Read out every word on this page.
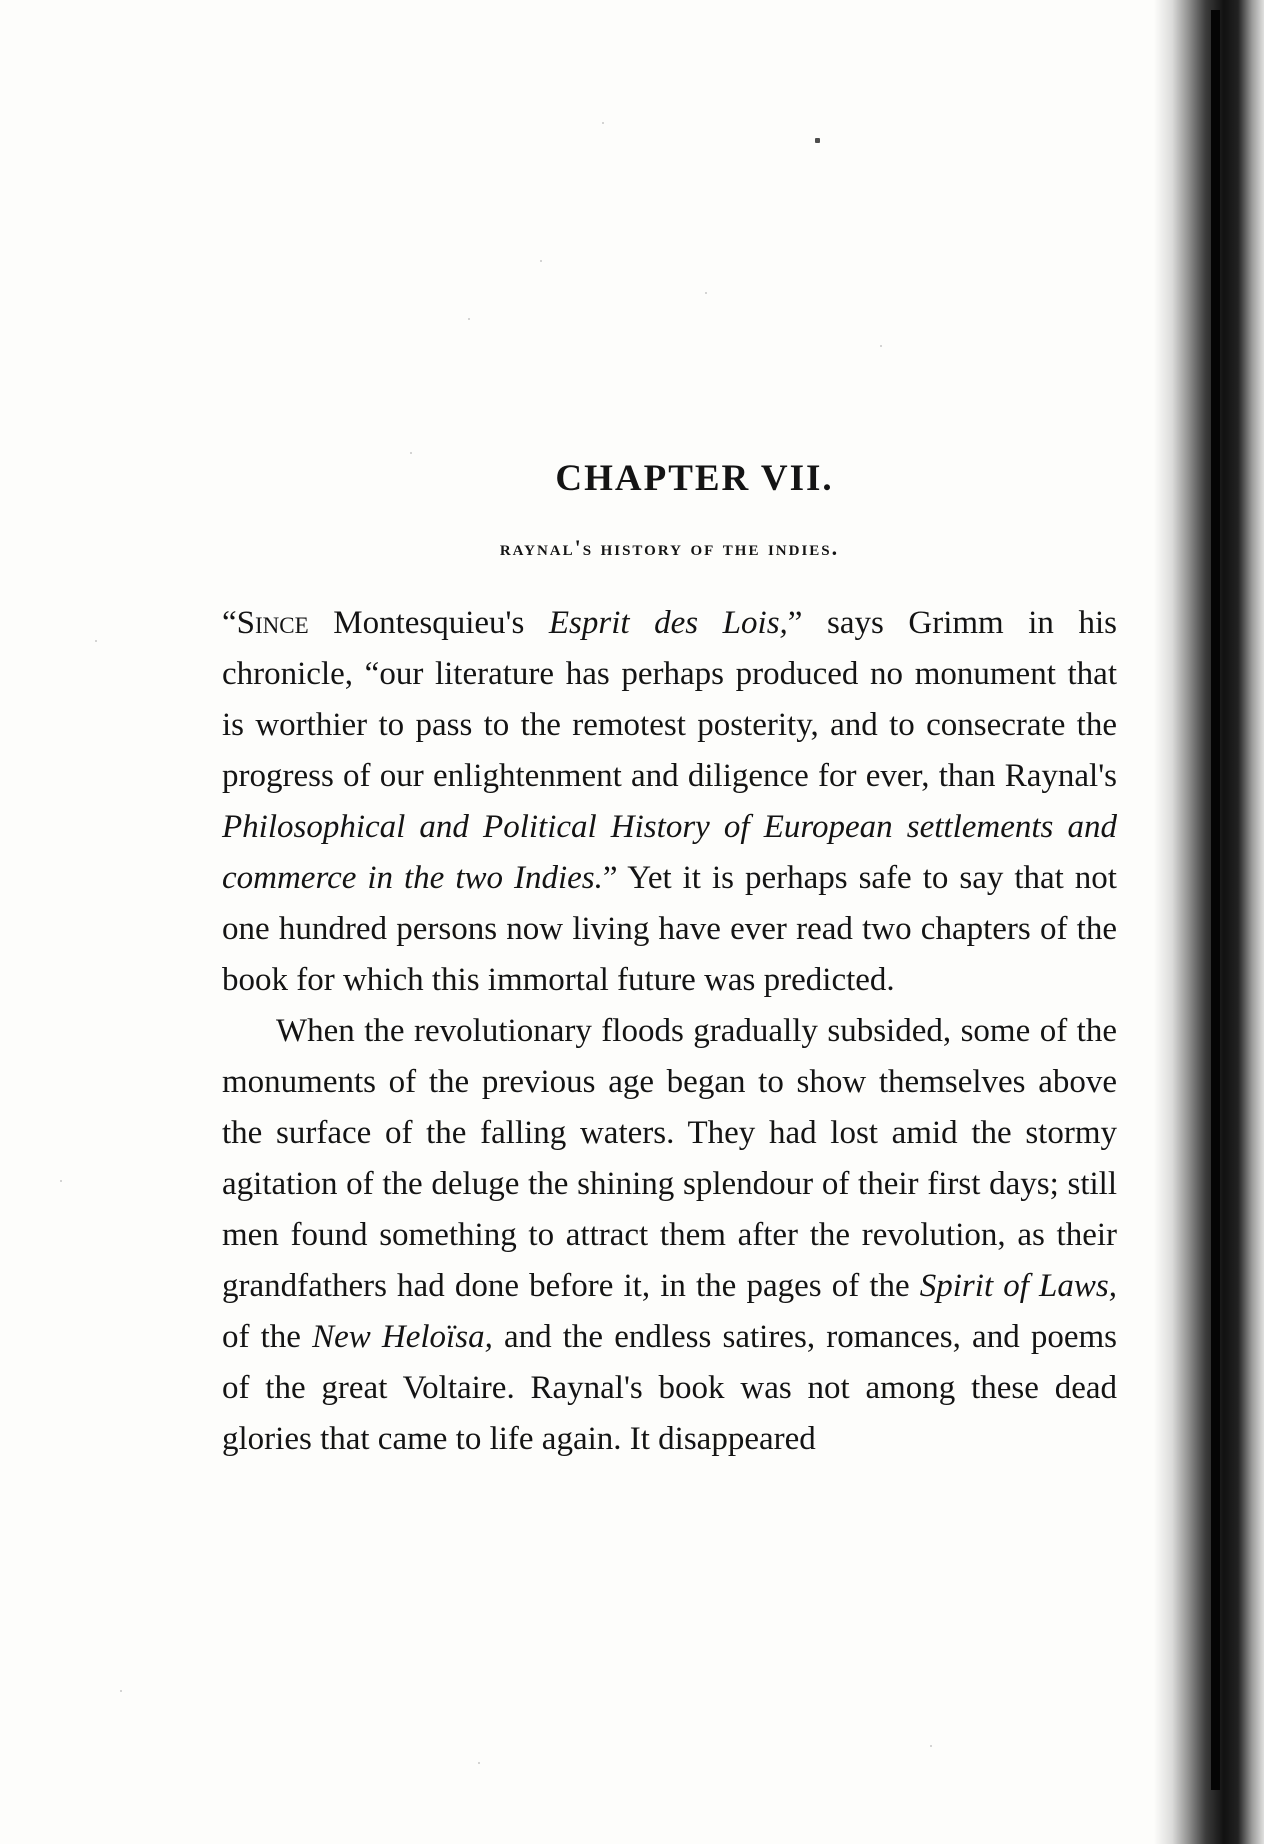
CHAPTER VII.
raynal's history of the indies.

“Since Montesquieu's Esprit des Lois,” says Grimm in his chronicle, “our literature has perhaps produced no monument that is worthier to pass to the remotest posterity, and to consecrate the progress of our enlightenment and diligence for ever, than Raynal's Philosophical and Political History of European settlements and commerce in the two Indies.” Yet it is perhaps safe to say that not one hundred persons now living have ever read two chapters of the book for which this immortal future was predicted.

When the revolutionary floods gradually subsided, some of the monuments of the previous age began to show themselves above the surface of the falling waters. They had lost amid the stormy agitation of the deluge the shining splendour of their first days; still men found something to attract them after the revolution, as their grandfathers had done before it, in the pages of the Spirit of Laws, of the New Heloïsa, and the endless satires, romances, and poems of the great Voltaire. Raynal's book was not among these dead glories that came to life again. It disappeared
